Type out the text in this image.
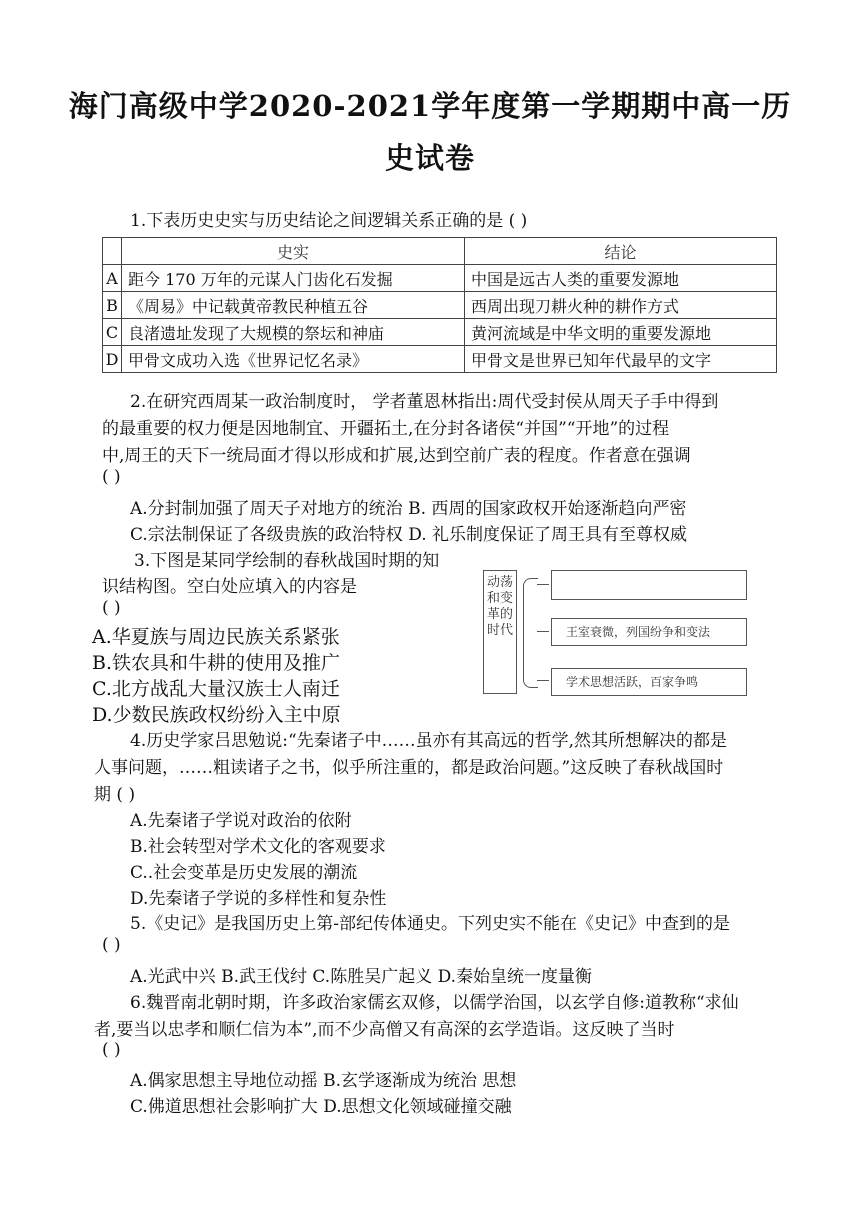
海门高级中学2020-2021学年度第一学期期中高一历
史试卷
1.下表历史史实与历史结论之间逻辑关系正确的是 ( )
	史实	结论
A	距今 170 万年的元谋人门齿化石发掘	中国是远古人类的重要发源地
B	《周易》中记载黄帝教民种植五谷	西周出现刀耕火种的耕作方式
C	良渚遗址发现了大规模的祭坛和神庙	黄河流域是中华文明的重要发源地
D	甲骨文成功入选《世界记忆名录》	甲骨文是世界已知年代最早的文字
2.在研究西周某一政治制度时， 学者董恩林指出:周代受封侯从周天子手中得到
的最重要的权力便是因地制宜、开疆拓土,在分封各诸侯“并国”“开地”的过程
中,周王的天下一统局面才得以形成和扩展,达到空前广表的程度。作者意在强调
( )
A.分封制加强了周天子对地方的统治 B. 西周的国家政权开始逐渐趋向严密
C.宗法制保证了各级贵族的政治特权 D. 礼乐制度保证了周王具有至尊权威
3.下图是某同学绘制的春秋战国时期的知
识结构图。空白处应填入的内容是
( )
A.华夏族与周边民族关系紧张
B.铁农具和牛耕的使用及推广
C.北方战乱大量汉族士人南迁
D.少数民族政权纷纷入主中原
动荡和变革的时代	王室衰微，列国纷争和变法
学术思想活跃，百家争鸣
4.历史学家吕思勉说:“先秦诸子中……虽亦有其高远的哲学,然其所想解决的都是
人事问题，……粗读诸子之书，似乎所注重的，都是政治问题。”这反映了春秋战国时
期 ( )
A.先秦诸子学说对政治的依附
B.社会转型对学术文化的客观要求
C..社会变革是历史发展的潮流
D.先秦诸子学说的多样性和复杂性
5.《史记》是我国历史上第-部纪传体通史。下列史实不能在《史记》中查到的是
( )
A.光武中兴 B.武王伐纣 C.陈胜吴广起义 D.秦始皇统一度量衡
6.魏晋南北朝时期，许多政治家儒玄双修，以儒学治国，以玄学自修:道教称“求仙
者,要当以忠孝和顺仁信为本”,而不少高僧又有高深的玄学造诣。这反映了当时
( )
A.偶家思想主导地位动摇 B.玄学逐渐成为统治 思想
C.佛道思想社会影响扩大 D.思想文化领域碰撞交融
